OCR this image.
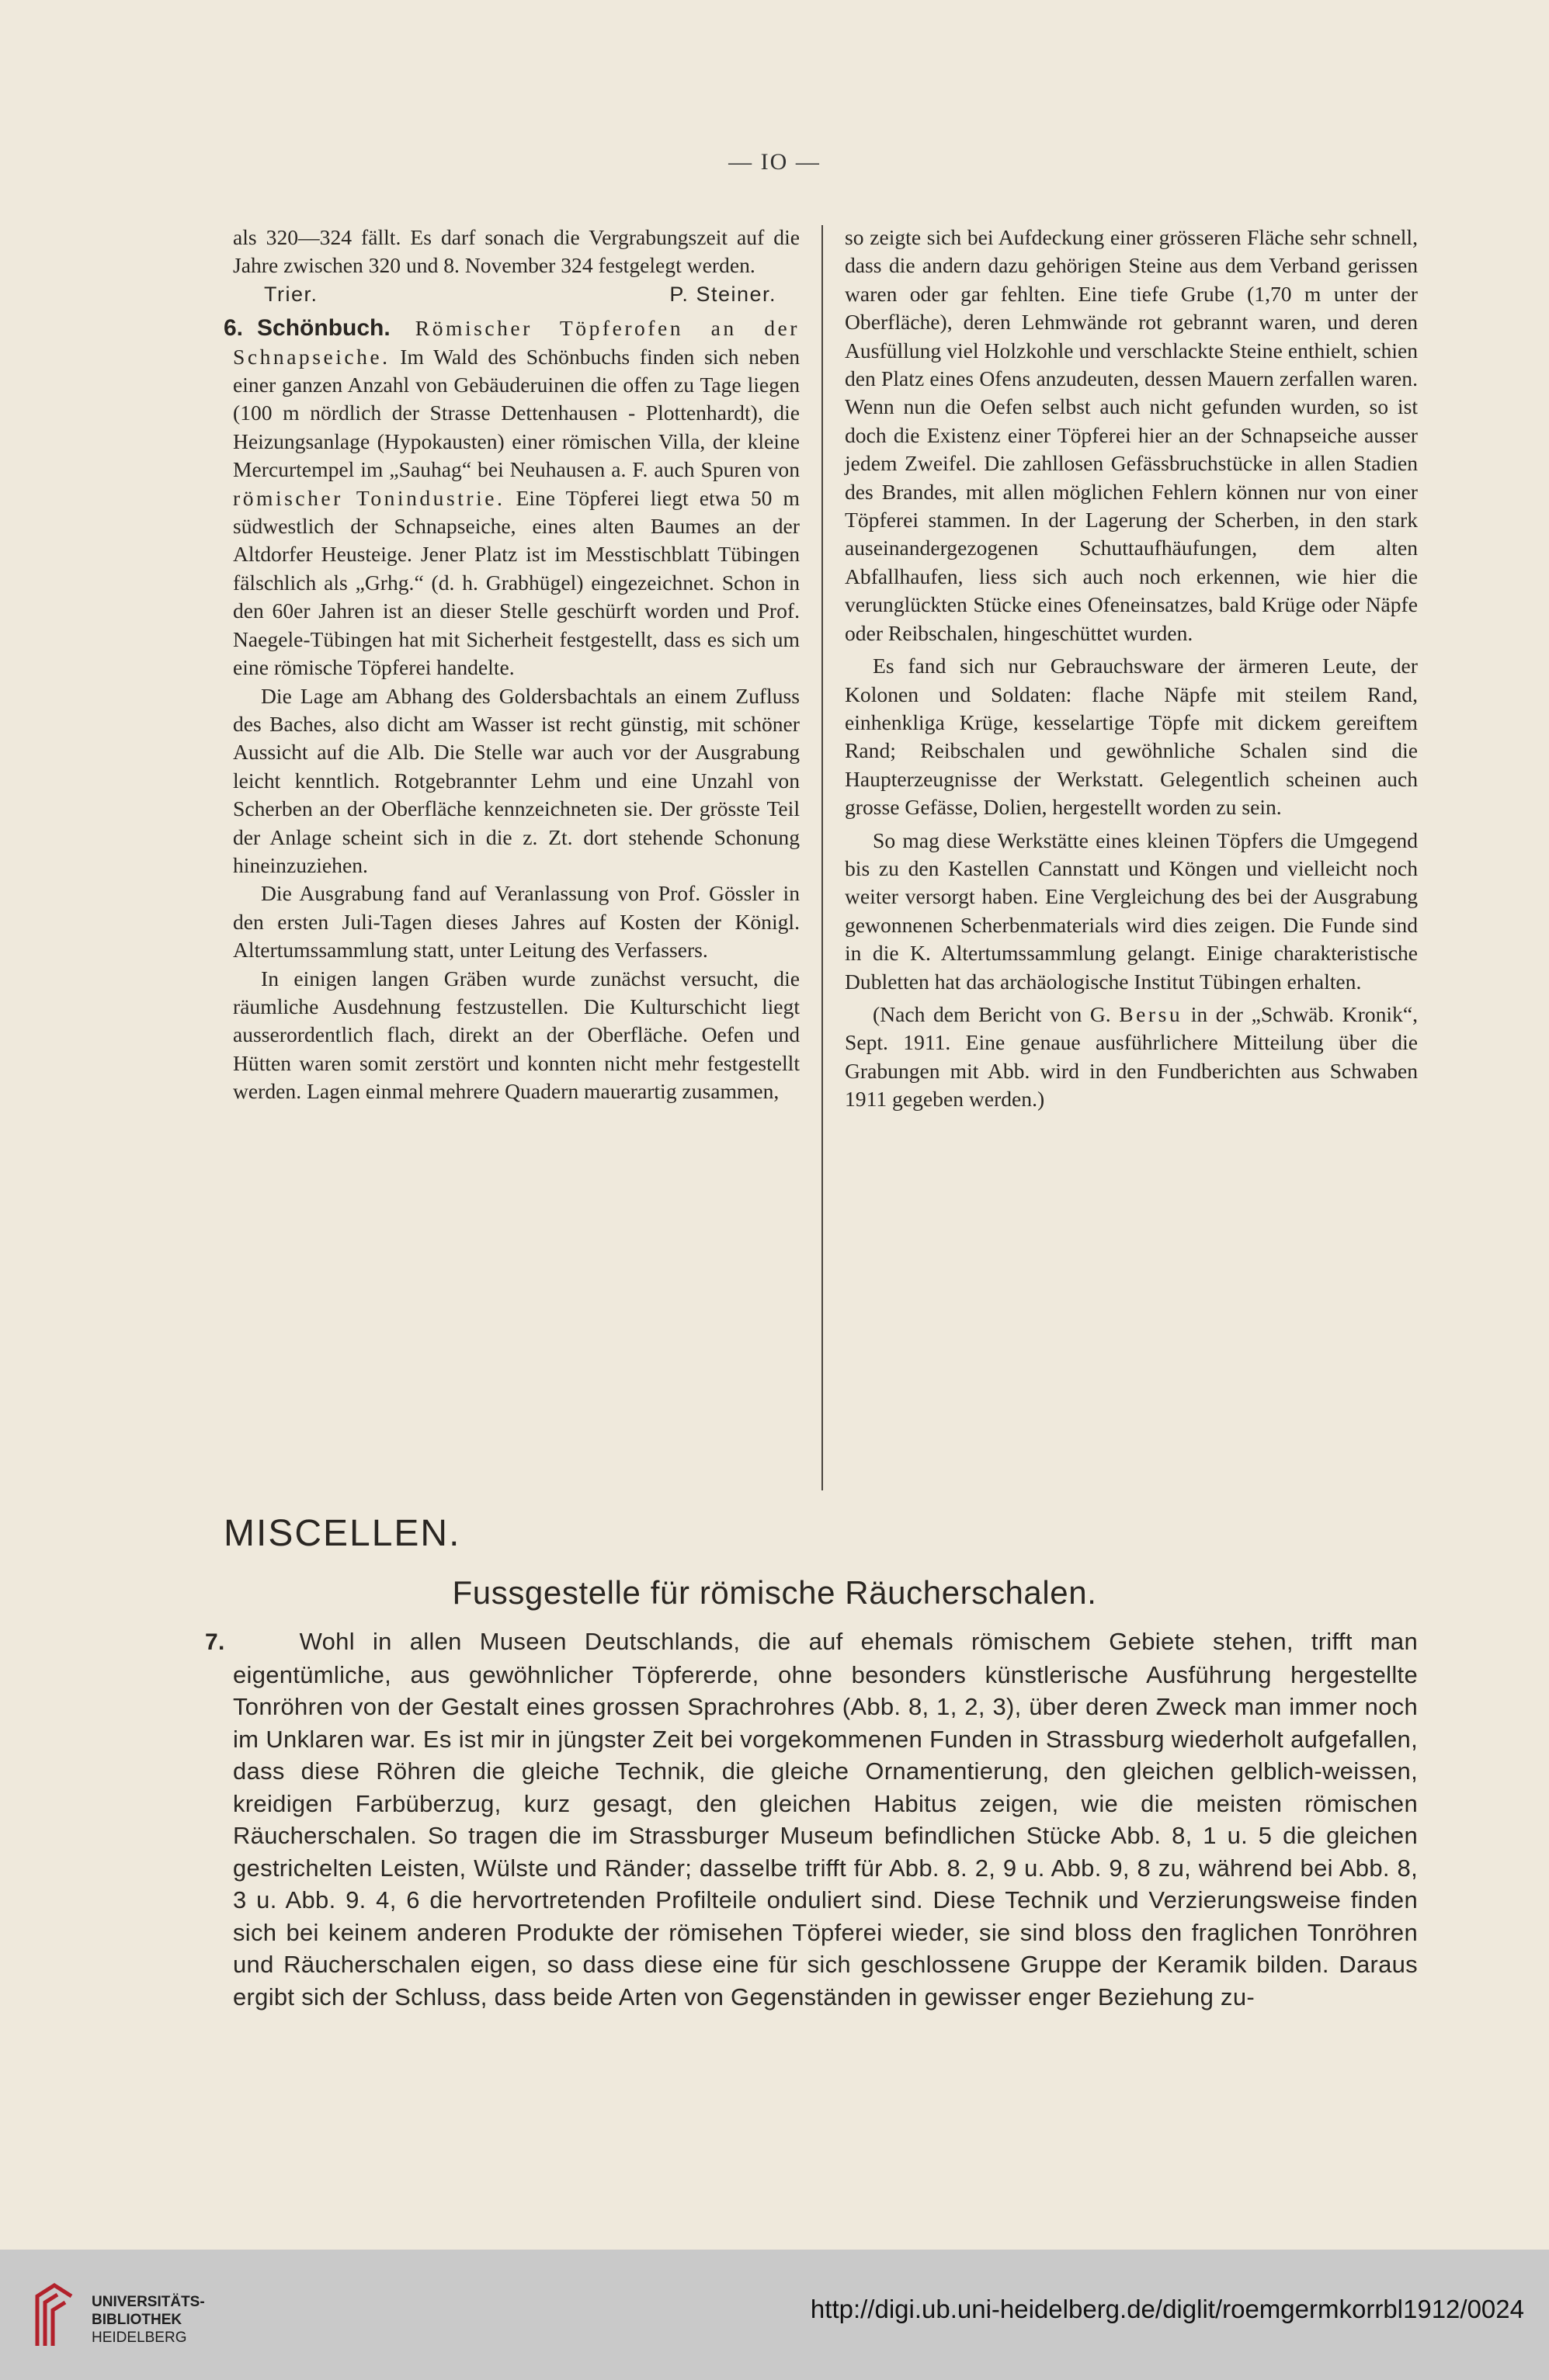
— IO —

als 320—324 fällt. Es darf sonach die Vergrabungszeit auf die Jahre zwischen 320 und 8. November 324 festgelegt werden.

Trier.	P. Steiner.

6. Schönbuch. Römischer Töpferofen an der Schnapseiche. Im Wald des Schönbuchs finden sich neben einer ganzen Anzahl von Gebäuderuinen die offen zu Tage liegen (100 m nördlich der Strasse Dettenhausen - Plottenhardt), die Heizungsanlage (Hypokausten) einer römischen Villa, der kleine Mercurtempel im „Sauhag“ bei Neuhausen a. F. auch Spuren von römischer Tonindustrie. Eine Töpferei liegt etwa 50 m südwestlich der Schnapseiche, eines alten Baumes an der Altdorfer Heusteige. Jener Platz ist im Messtischblatt Tübingen fälschlich als „Grhg.“ (d. h. Grabhügel) eingezeichnet. Schon in den 60er Jahren ist an dieser Stelle geschürft worden und Prof. Naegele-Tübingen hat mit Sicherheit festgestellt, dass es sich um eine römische Töpferei handelte.

Die Lage am Abhang des Goldersbachtals an einem Zufluss des Baches, also dicht am Wasser ist recht günstig, mit schöner Aussicht auf die Alb. Die Stelle war auch vor der Ausgrabung leicht kenntlich. Rotgebrannter Lehm und eine Unzahl von Scherben an der Oberfläche kennzeichneten sie. Der grösste Teil der Anlage scheint sich in die z. Zt. dort stehende Schonung hineinzuziehen.

Die Ausgrabung fand auf Veranlassung von Prof. Gössler in den ersten Juli-Tagen dieses Jahres auf Kosten der Königl. Altertumssammlung statt, unter Leitung des Verfassers.

In einigen langen Gräben wurde zunächst versucht, die räumliche Ausdehnung festzustellen. Die Kulturschicht liegt ausserordentlich flach, direkt an der Oberfläche. Oefen und Hütten waren somit zerstört und konnten nicht mehr festgestellt werden. Lagen einmal mehrere Quadern mauerartig zusammen,

so zeigte sich bei Aufdeckung einer grösseren Fläche sehr schnell, dass die andern dazu gehörigen Steine aus dem Verband gerissen waren oder gar fehlten. Eine tiefe Grube (1,70 m unter der Oberfläche), deren Lehmwände rot gebrannt waren, und deren Ausfüllung viel Holzkohle und verschlackte Steine enthielt, schien den Platz eines Ofens anzudeuten, dessen Mauern zerfallen waren. Wenn nun die Oefen selbst auch nicht gefunden wurden, so ist doch die Existenz einer Töpferei hier an der Schnapseiche ausser jedem Zweifel. Die zahllosen Gefässbruchstücke in allen Stadien des Brandes, mit allen möglichen Fehlern können nur von einer Töpferei stammen. In der Lagerung der Scherben, in den stark auseinandergezogenen Schuttaufhäufungen, dem alten Abfallhaufen, liess sich auch noch erkennen, wie hier die verunglückten Stücke eines Ofeneinsatzes, bald Krüge oder Näpfe oder Reibschalen, hingeschüttet wurden.

Es fand sich nur Gebrauchsware der ärmeren Leute, der Kolonen und Soldaten: flache Näpfe mit steilem Rand, einhenkliga Krüge, kesselartige Töpfe mit dickem gereiftem Rand; Reibschalen und gewöhnliche Schalen sind die Haupterzeugnisse der Werkstatt. Gelegentlich scheinen auch grosse Gefässe, Dolien, hergestellt worden zu sein.

So mag diese Werkstätte eines kleinen Töpfers die Umgegend bis zu den Kastellen Cannstatt und Köngen und vielleicht noch weiter versorgt haben. Eine Vergleichung des bei der Ausgrabung gewonnenen Scherbenmaterials wird dies zeigen. Die Funde sind in die K. Altertumssammlung gelangt. Einige charakteristische Dubletten hat das archäologische Institut Tübingen erhalten.

(Nach dem Bericht von G. Bersu in der „Schwäb. Kronik“, Sept. 1911. Eine genaue ausführlichere Mitteilung über die Grabungen mit Abb. wird in den Fundberichten aus Schwaben 1911 gegeben werden.)

MISCELLEN.
Fussgestelle für römische Räucherschalen.
7.	Wohl in allen Museen Deutschlands, die auf ehemals römischem Gebiete stehen, trifft man eigentümliche, aus gewöhnlicher Töpfererde, ohne besonders künstlerische Ausführung hergestellte Tonröhren von der Gestalt eines grossen Sprachrohres (Abb. 8, 1, 2, 3), über deren Zweck man immer noch im Unklaren war. Es ist mir in jüngster Zeit bei vorgekommenen Funden in Strassburg wiederholt aufgefallen, dass diese Röhren die gleiche Technik, die gleiche Ornamentierung, den gleichen gelblich-weissen, kreidigen Farbüberzug, kurz gesagt, den gleichen Habitus zeigen, wie die meisten römischen Räucherschalen. So tragen die im Strassburger Museum befindlichen Stücke Abb. 8, 1 u. 5 die gleichen gestrichelten Leisten, Wülste und Ränder; dasselbe trifft für Abb. 8. 2, 9 u. Abb. 9, 8 zu, während bei Abb. 8, 3 u. Abb. 9. 4, 6 die hervortretenden Profilteile onduliert sind. Diese Technik und Verzierungsweise finden sich bei keinem anderen Produkte der römisehen Töpferei wieder, sie sind bloss den fraglichen Tonröhren und Räucherschalen eigen, so dass diese eine für sich geschlossene Gruppe der Keramik bilden. Daraus ergibt sich der Schluss, dass beide Arten von Gegenständen in gewisser enger Beziehung zu-
UNIVERSITÄTS-
BIBLIOTHEK
HEIDELBERG
http://digi.ub.uni-heidelberg.de/diglit/roemgermkorrbl1912/0024
